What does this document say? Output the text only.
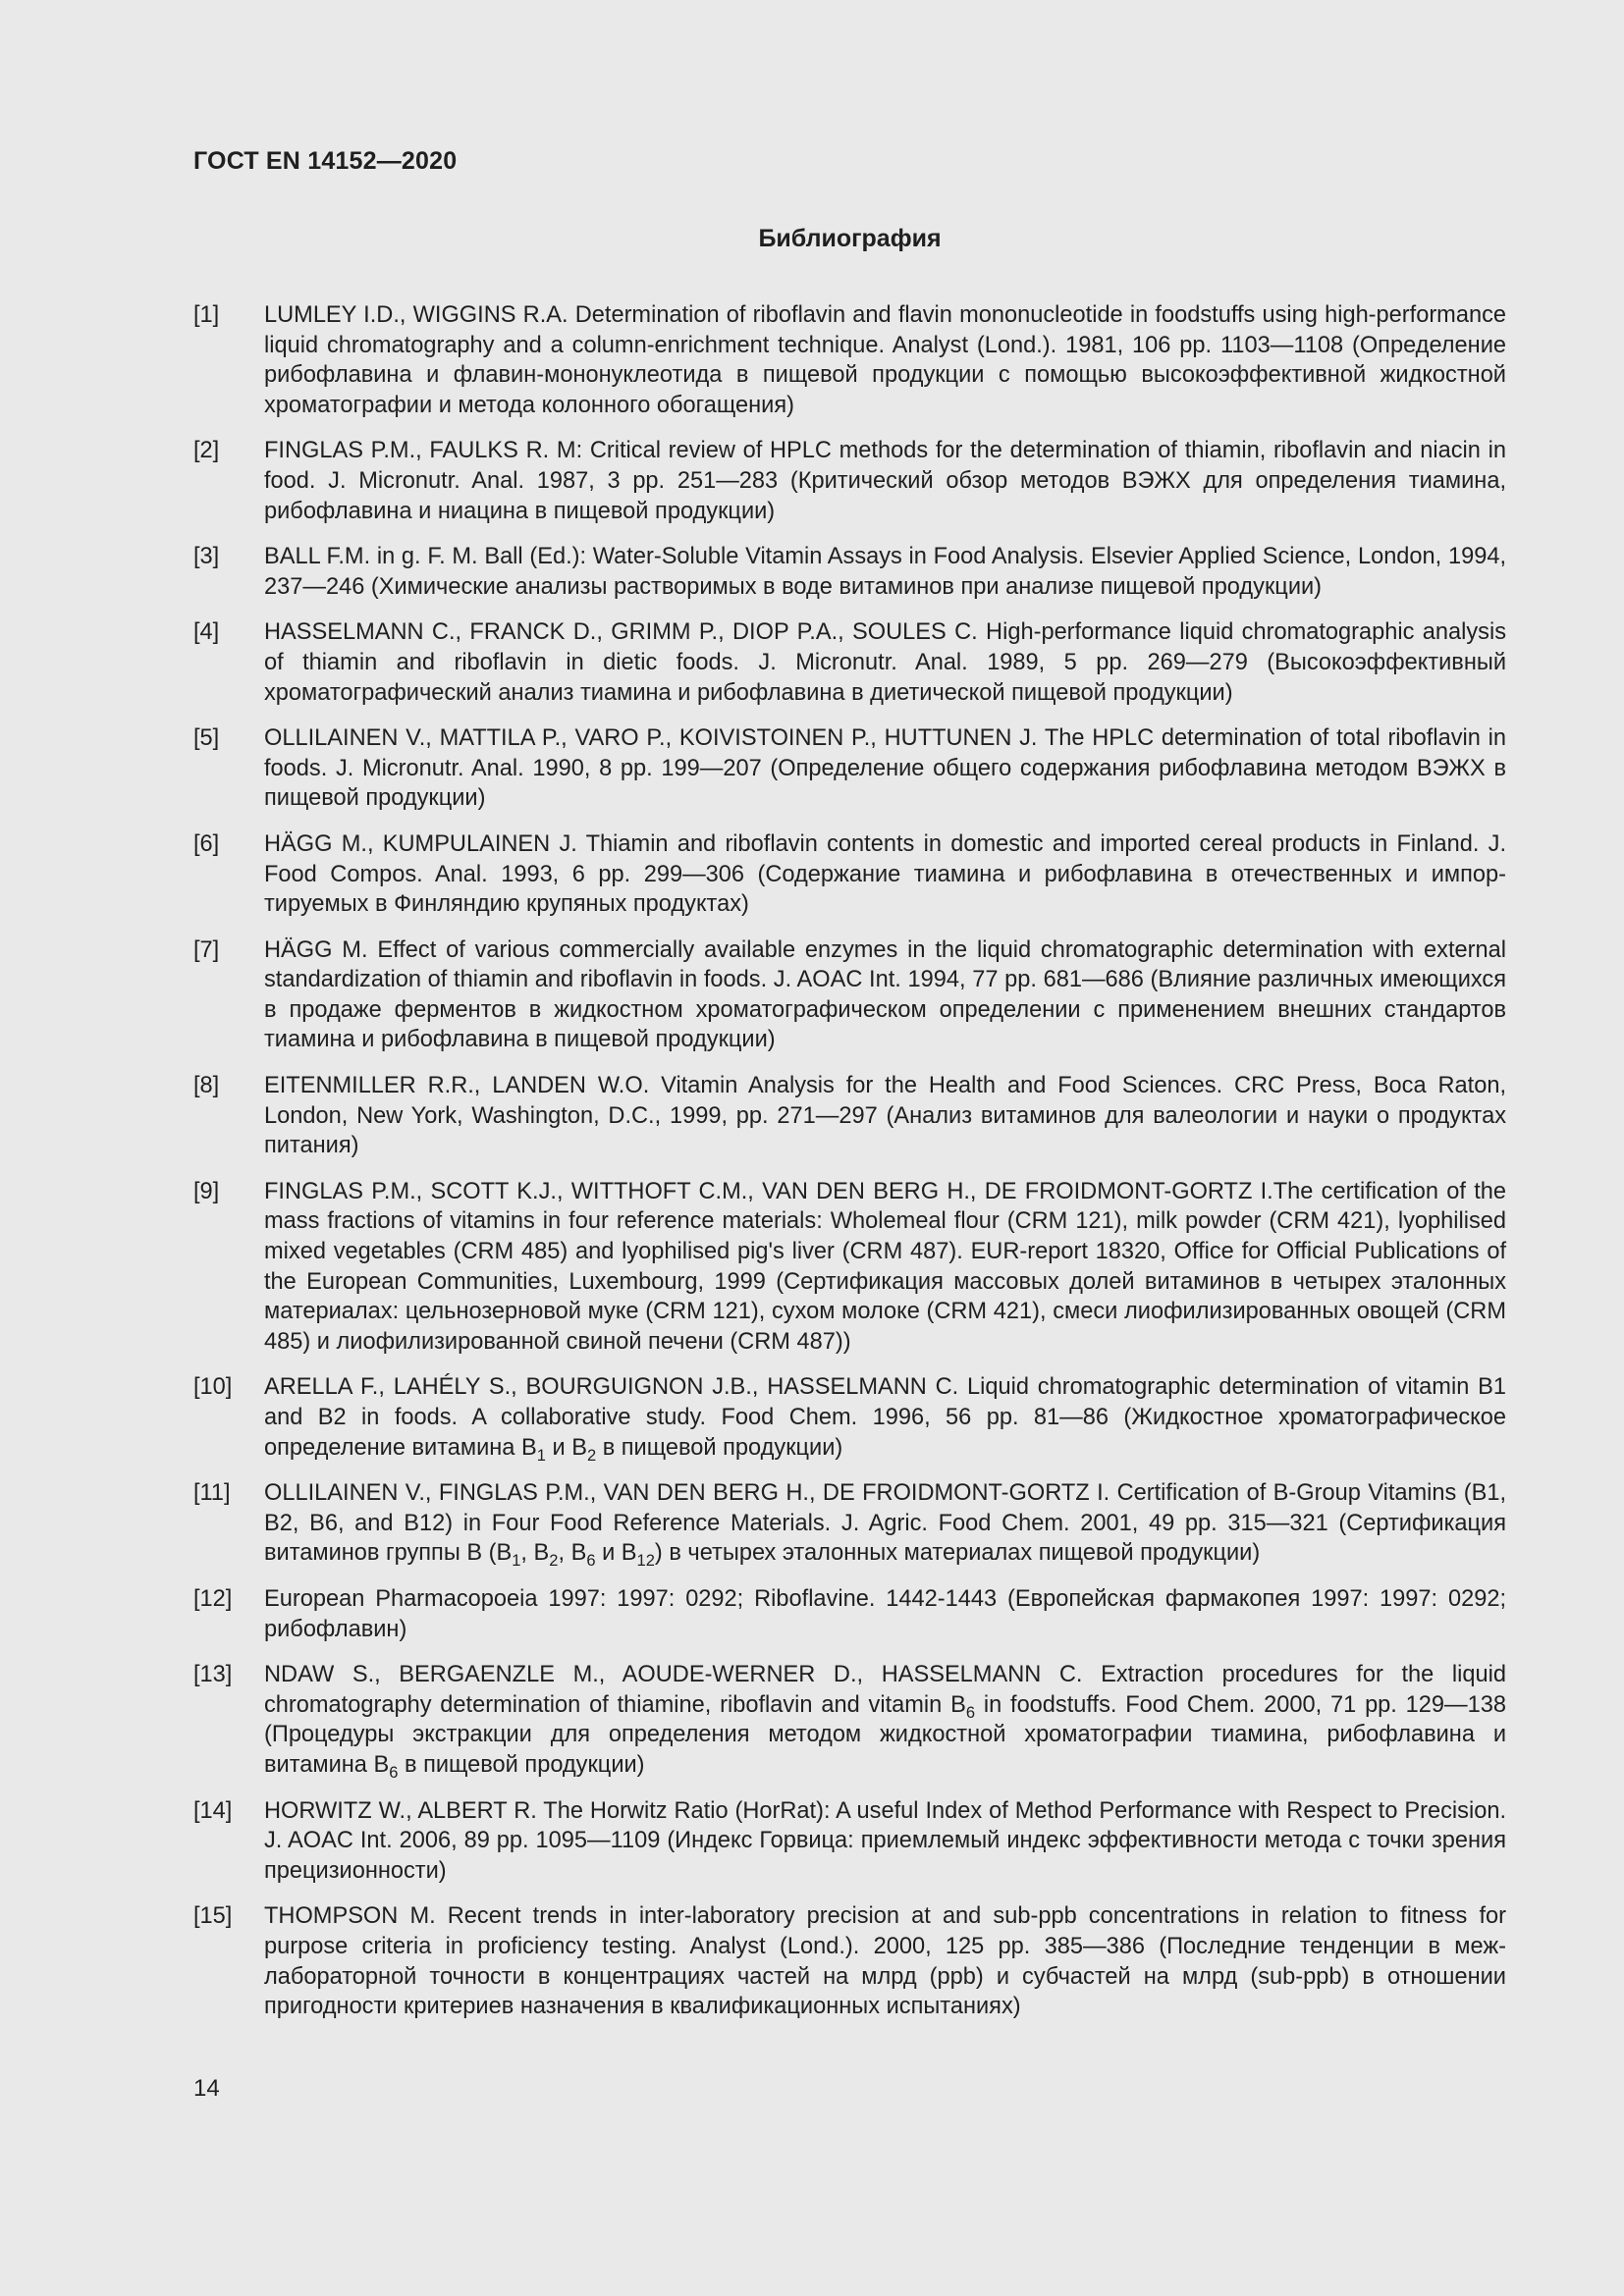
ГОСТ EN 14152—2020
Библиография
[1] LUMLEY I.D., WIGGINS R.A. Determination of riboflavin and flavin mononucleotide in foodstuffs using high-performance liquid chromatography and a column-enrichment technique. Analyst (Lond.). 1981, 106 pp. 1103—1108 (Определение рибофлавина и флавин-мононуклеотида в пищевой продукции с помощью высокоэффективной жидкостной хроматографии и метода колонного обогащения)
[2] FINGLAS P.M., FAULKS R. M: Critical review of HPLC methods for the determination of thiamin, riboflavin and niacin in food. J. Micronutr. Anal. 1987, 3 pp. 251—283 (Критический обзор методов ВЭЖХ для определения тиамина, рибофлавина и ниацина в пищевой продукции)
[3] BALL F.M. in g. F. M. Ball (Ed.): Water-Soluble Vitamin Assays in Food Analysis. Elsevier Applied Science, London, 1994, 237—246 (Химические анализы растворимых в воде витаминов при анализе пищевой продукции)
[4] HASSELMANN C., FRANCK D., GRIMM P., DIOP P.A., SOULES C. High-performance liquid chromatographic analysis of thiamin and riboflavin in dietic foods. J. Micronutr. Anal. 1989, 5 pp. 269—279 (Высокоэффективный хроматографический анализ тиамина и рибофлавина в диетической пищевой продукции)
[5] OLLILAINEN V., MATTILA P., VARO P., KOIVISTOINEN P., HUTTUNEN J. The HPLC determination of total riboflavin in foods. J. Micronutr. Anal. 1990, 8 pp. 199—207 (Определение общего содержания рибофлавина методом ВЭЖХ в пищевой продукции)
[6] HÄGG M., KUMPULAINEN J. Thiamin and riboflavin contents in domestic and imported cereal products in Finland. J. Food Compos. Anal. 1993, 6 pp. 299—306 (Содержание тиамина и рибофлавина в отечественных и импортируемых в Финляндию крупяных продуктах)
[7] HÄGG M. Effect of various commercially available enzymes in the liquid chromatographic determination with external standardization of thiamin and riboflavin in foods. J. AOAC Int. 1994, 77 pp. 681—686 (Влияние различных имеющихся в продаже ферментов в жидкостном хроматографическом определении с применением внешних стандартов тиамина и рибофлавина в пищевой продукции)
[8] EITENMILLER R.R., LANDEN W.O. Vitamin Analysis for the Health and Food Sciences. CRC Press, Boca Raton, London, New York, Washington, D.C., 1999, pp. 271—297 (Анализ витаминов для валеологии и науки о продуктах питания)
[9] FINGLAS P.M., SCOTT K.J., WITTHOFT C.M., VAN DEN BERG H., DE FROIDMONT-GORTZ I.The certification of the mass fractions of vitamins in four reference materials: Wholemeal flour (CRM 121), milk powder (CRM 421), lyophilised mixed vegetables (CRM 485) and lyophilised pig's liver (CRM 487). EUR-report 18320, Office for Official Publications of the European Communities, Luxembourg, 1999 (Сертификация массовых долей витаминов в четырех эталонных материалах: цельнозерновой муке (CRM 121), сухом молоке (CRM 421), смеси лиофилизированных овощей (CRM 485) и лиофилизированной свиной печени (CRM 487))
[10] ARELLA F., LAHÉLY S., BOURGUIGNON J.B., HASSELMANN C. Liquid chromatographic determination of vitamin B1 and B2 in foods. A collaborative study. Food Chem. 1996, 56 pp. 81—86 (Жидкостное хроматографическое определение витамина $B_1$ и $B_2$ в пищевой продукции)
[11] OLLILAINEN V., FINGLAS P.M., VAN DEN BERG H., DE FROIDMONT-GORTZ I. Certification of B-Group Vitamins (B1, B2, B6, and B12) in Four Food Reference Materials. J. Agric. Food Chem. 2001, 49 pp. 315—321 (Сертификация витаминов группы B ($B_1$, $B_2$, $B_6$ и $B_{12}$) в четырех эталонных материалах пищевой продукции)
[12] European Pharmacopoeia 1997: 1997: 0292; Riboflavine. 1442-1443 (Европейская фармакопея 1997: 1997: 0292; рибофлавин)
[13] NDAW S., BERGAENZLE M., AOUDE-WERNER D., HASSELMANN C. Extraction procedures for the liquid chromatography determination of thiamine, riboflavin and vitamin $B_6$ in foodstuffs. Food Chem. 2000, 71 pp. 129—138 (Процедуры экстракции для определения методом жидкостной хроматографии тиамина, рибофлавина и витамина $B_6$ в пищевой продукции)
[14] HORWITZ W., ALBERT R. The Horwitz Ratio (HorRat): A useful Index of Method Performance with Respect to Precision. J. AOAC Int. 2006, 89 pp. 1095—1109 (Индекс Горвица: приемлемый индекс эффективности метода с точки зрения прецизионности)
[15] THOMPSON M. Recent trends in inter-laboratory precision at and sub-ppb concentrations in relation to fitness for purpose criteria in proficiency testing. Analyst (Lond.). 2000, 125 pp. 385—386 (Последние тенденции в межлабораторной точности в концентрациях частей на млрд (ppb) и субчастей на млрд (sub-ppb) в отношении пригодности критериев назначения в квалификационных испытаниях)
14
